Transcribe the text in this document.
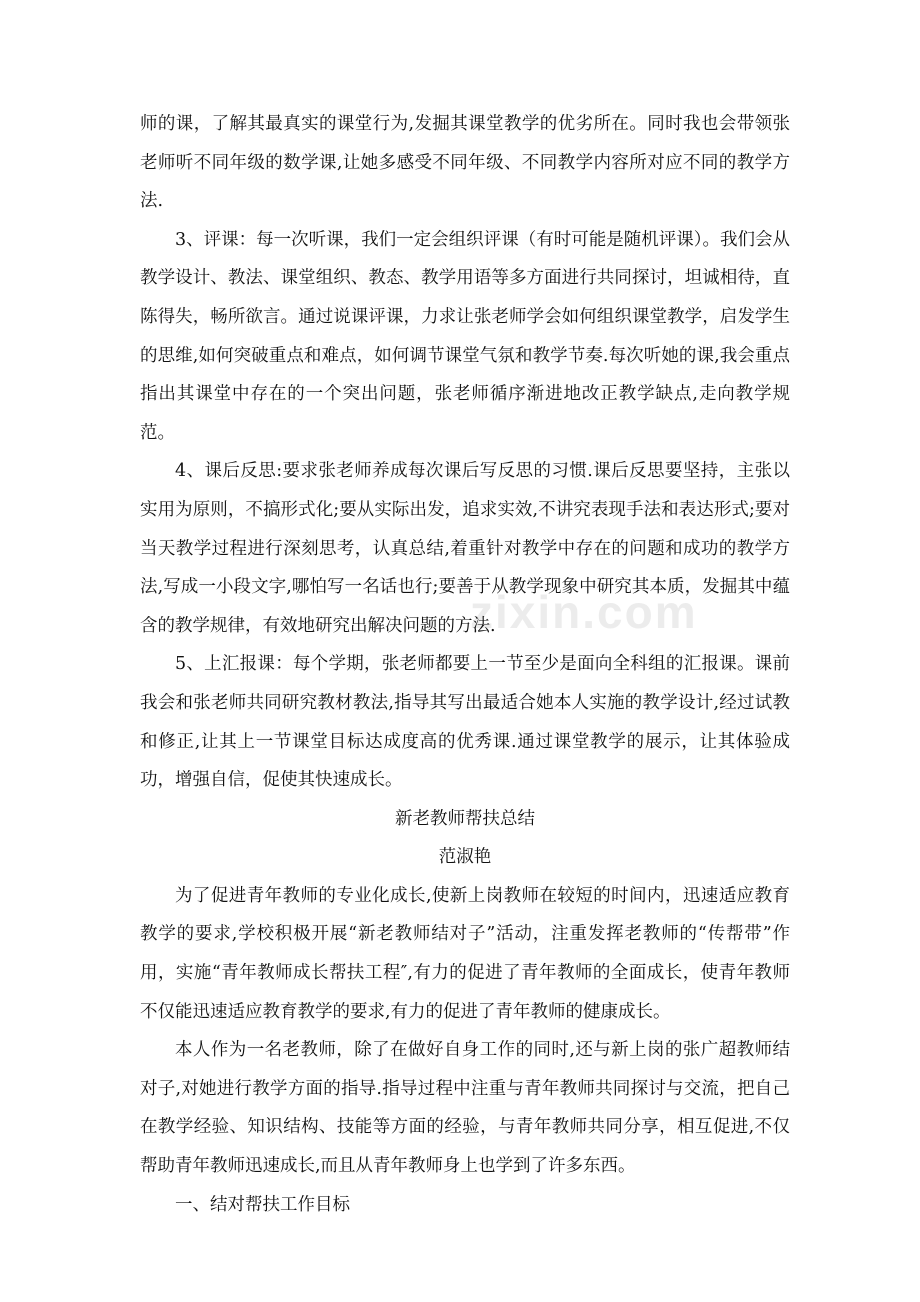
zixin.com

师的课，了解其最真实的课堂行为,发掘其课堂教学的优劣所在。同时我也会带领张老师听不同年级的数学课,让她多感受不同年级、不同教学内容所对应不同的教学方法.

3、评课：每一次听课，我们一定会组织评课（有时可能是随机评课）。我们会从教学设计、教法、课堂组织、教态、教学用语等多方面进行共同探讨，坦诚相待，直陈得失，畅所欲言。通过说课评课，力求让张老师学会如何组织课堂教学，启发学生的思维,如何突破重点和难点，如何调节课堂气氛和教学节奏.每次听她的课,我会重点指出其课堂中存在的一个突出问题，张老师循序渐进地改正教学缺点,走向教学规范。

4、课后反思:要求张老师养成每次课后写反思的习惯.课后反思要坚持，主张以实用为原则，不搞形式化;要从实际出发，追求实效,不讲究表现手法和表达形式;要对当天教学过程进行深刻思考，认真总结,着重针对教学中存在的问题和成功的教学方法,写成一小段文字,哪怕写一名话也行;要善于从教学现象中研究其本质，发掘其中蕴含的教学规律，有效地研究出解决问题的方法.

5、上汇报课：每个学期，张老师都要上一节至少是面向全科组的汇报课。课前我会和张老师共同研究教材教法,指导其写出最适合她本人实施的教学设计,经过试教和修正,让其上一节课堂目标达成度高的优秀课.通过课堂教学的展示，让其体验成功，增强自信，促使其快速成长。

新老教师帮扶总结

范淑艳

为了促进青年教师的专业化成长,使新上岗教师在较短的时间内，迅速适应教育教学的要求,学校积极开展“新老教师结对子”活动，注重发挥老教师的“传帮带”作用，实施“青年教师成长帮扶工程″,有力的促进了青年教师的全面成长，使青年教师不仅能迅速适应教育教学的要求,有力的促进了青年教师的健康成长。

本人作为一名老教师，除了在做好自身工作的同时,还与新上岗的张广超教师结对子,对她进行教学方面的指导.指导过程中注重与青年教师共同探讨与交流，把自己在教学经验、知识结构、技能等方面的经验，与青年教师共同分享，相互促进,不仅帮助青年教师迅速成长,而且从青年教师身上也学到了许多东西。

一、结对帮扶工作目标
